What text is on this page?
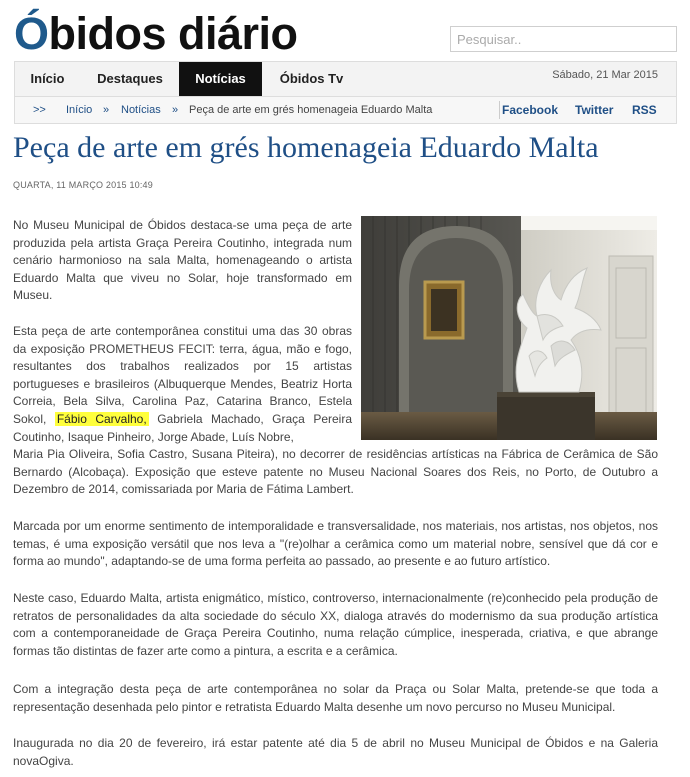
Óbidos diário
Pesquisar..
Início	Destaques	Notícias	Óbidos Tv	Sábado, 21 Mar 2015
>> Início » Notícias » Peça de arte em grés homenageia Eduardo Malta	Facebook Twitter RSS
Peça de arte em grés homenageia Eduardo Malta
QUARTA, 11 MARÇO 2015 10:49

No Museu Municipal de Óbidos destaca-se uma peça de arte produzida pela artista Graça Pereira Coutinho, integrada num cenário harmonioso na sala Malta, homenageando o artista Eduardo Malta que viveu no Solar, hoje transformado em Museu.

Esta peça de arte contemporânea constitui uma das 30 obras da exposição PROMETHEUS FECIT: terra, água, mão e fogo, resultantes dos trabalhos realizados por 15 artistas portugueses e brasileiros (Albuquerque Mendes, Beatriz Horta Correia, Bela Silva, Carolina Paz, Catarina Branco, Estela Sokol, Fábio Carvalho, Gabriela Machado, Graça Pereira Coutinho, Isaque Pinheiro, Jorge Abade, Luís Nobre,

Maria Pia Oliveira, Sofia Castro, Susana Piteira), no decorrer de residências artísticas na Fábrica de Cerâmica de São Bernardo (Alcobaça). Exposição que esteve patente no Museu Nacional Soares dos Reis, no Porto, de Outubro a Dezembro de 2014, comissariada por Maria de Fátima Lambert.

Marcada por um enorme sentimento de intemporalidade e transversalidade, nos materiais, nos artistas, nos objetos, nos temas, é uma exposição versátil que nos leva a "(re)olhar a cerâmica como um material nobre, sensível que dá cor e forma ao mundo", adaptando-se de uma forma perfeita ao passado, ao presente e ao futuro artístico.

Neste caso, Eduardo Malta, artista enigmático, místico, controverso, internacionalmente (re)conhecido pela produção de retratos de personalidades da alta sociedade do século XX, dialoga através do modernismo da sua produção artística com a contemporaneidade de Graça Pereira Coutinho, numa relação cúmplice, inesperada, criativa, e que abrange formas tão distintas de fazer arte como a pintura, a escrita e a cerâmica.

Com a integração desta peça de arte contemporânea no solar da Praça ou Solar Malta, pretende-se que toda a representação desenhada pelo pintor e retratista Eduardo Malta desenhe um novo percurso no Museu Municipal.

Inaugurada no dia 20 de fevereiro, irá estar patente até dia 5 de abril no Museu Municipal de Óbidos e na Galeria novaOgiva.
